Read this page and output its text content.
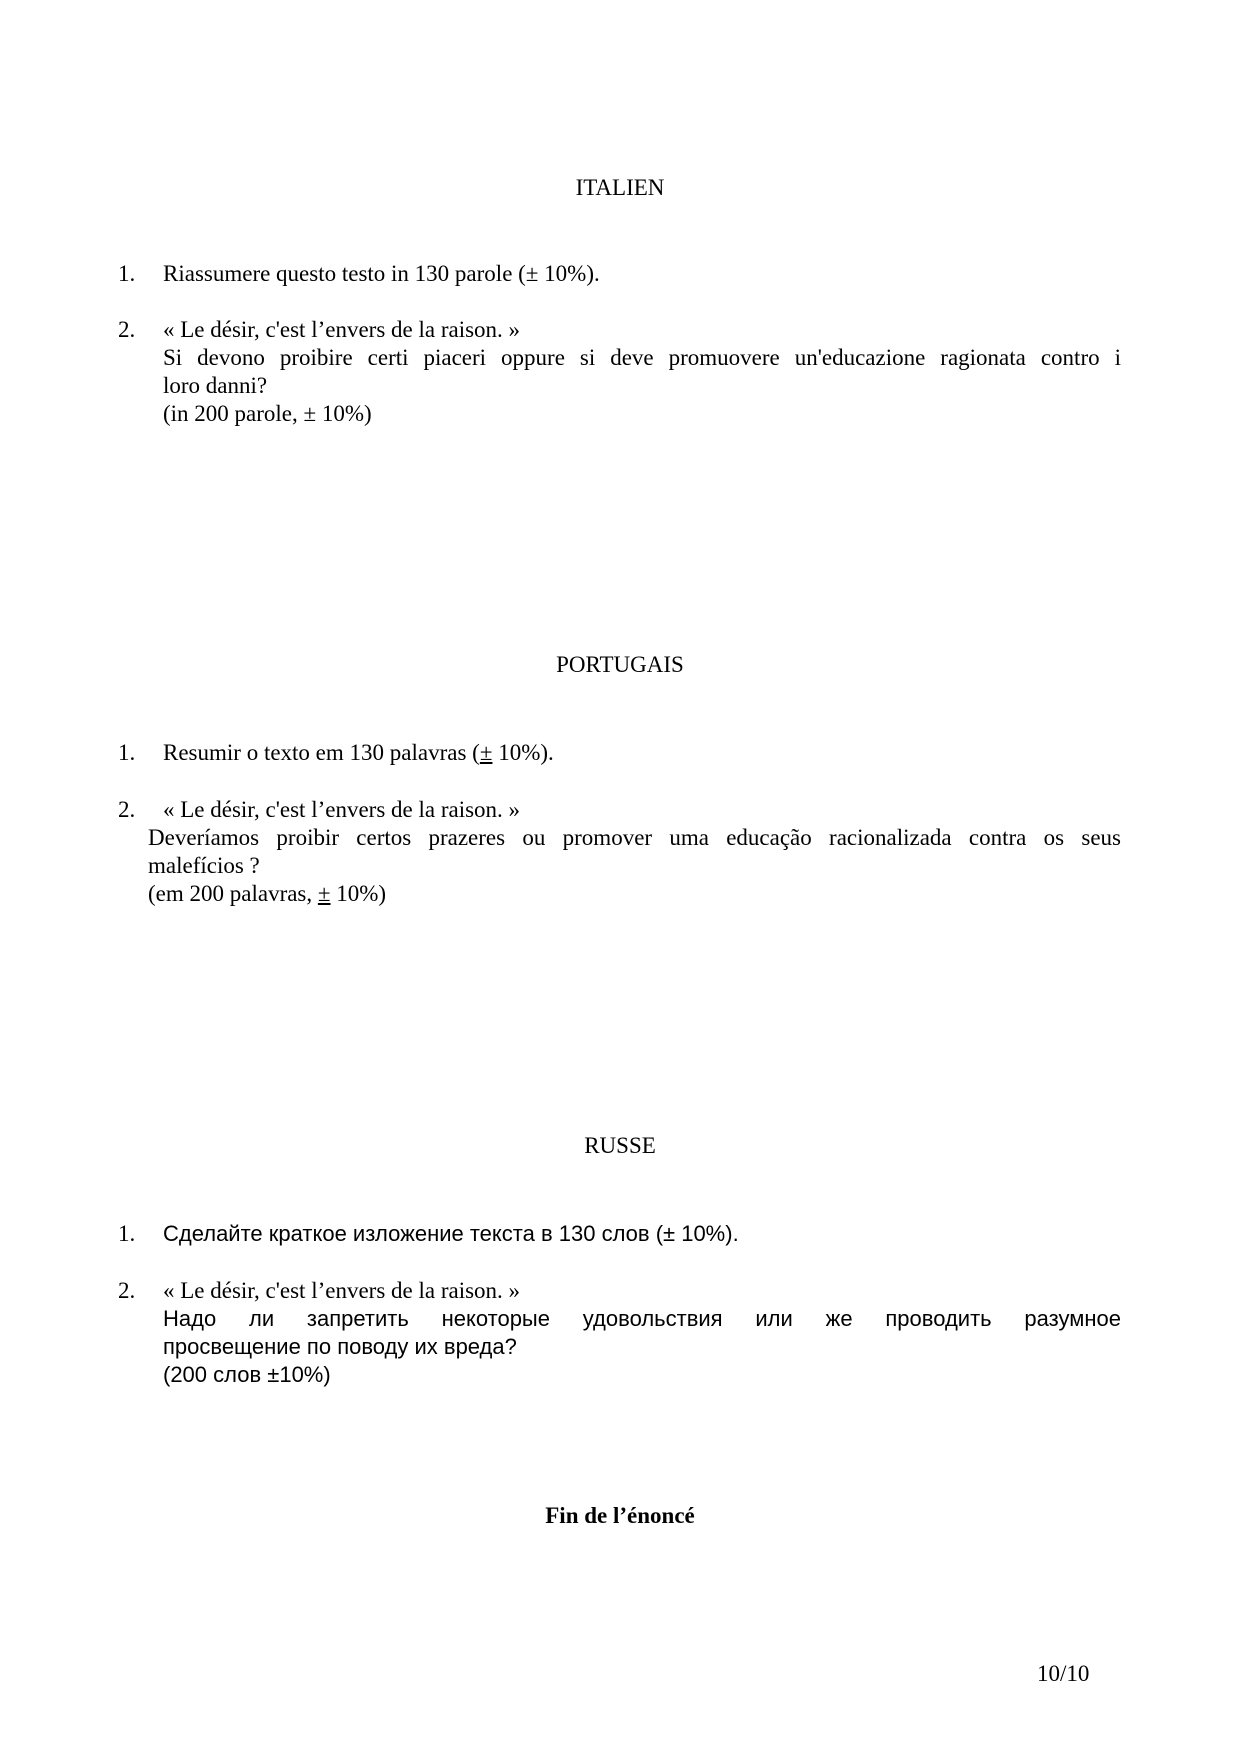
ITALIEN
1. Riassumere questo testo in 130 parole (± 10%).
2. « Le désir, c'est l’envers de la raison. »
Si devono proibire certi piaceri oppure si deve promuovere un'educazione ragionata contro i
loro danni?
(in 200 parole, ± 10%)
PORTUGAIS
1. Resumir o texto em 130 palavras (± 10%).
2. « Le désir, c'est l’envers de la raison. »
Deveríamos proibir certos prazeres ou promover uma educação racionalizada contra os seus
malefícios ?
(em 200 palavras, ± 10%)
RUSSE
1. Сделайте краткое изложение текста в 130 слов (± 10%).
2. « Le désir, c'est l’envers de la raison. »
Надо ли запретить некоторые удовольствия или же проводить разумное
просвещение по поводу их вреда?
(200 слов ±10%)

Fin de l’énoncé

10/10
